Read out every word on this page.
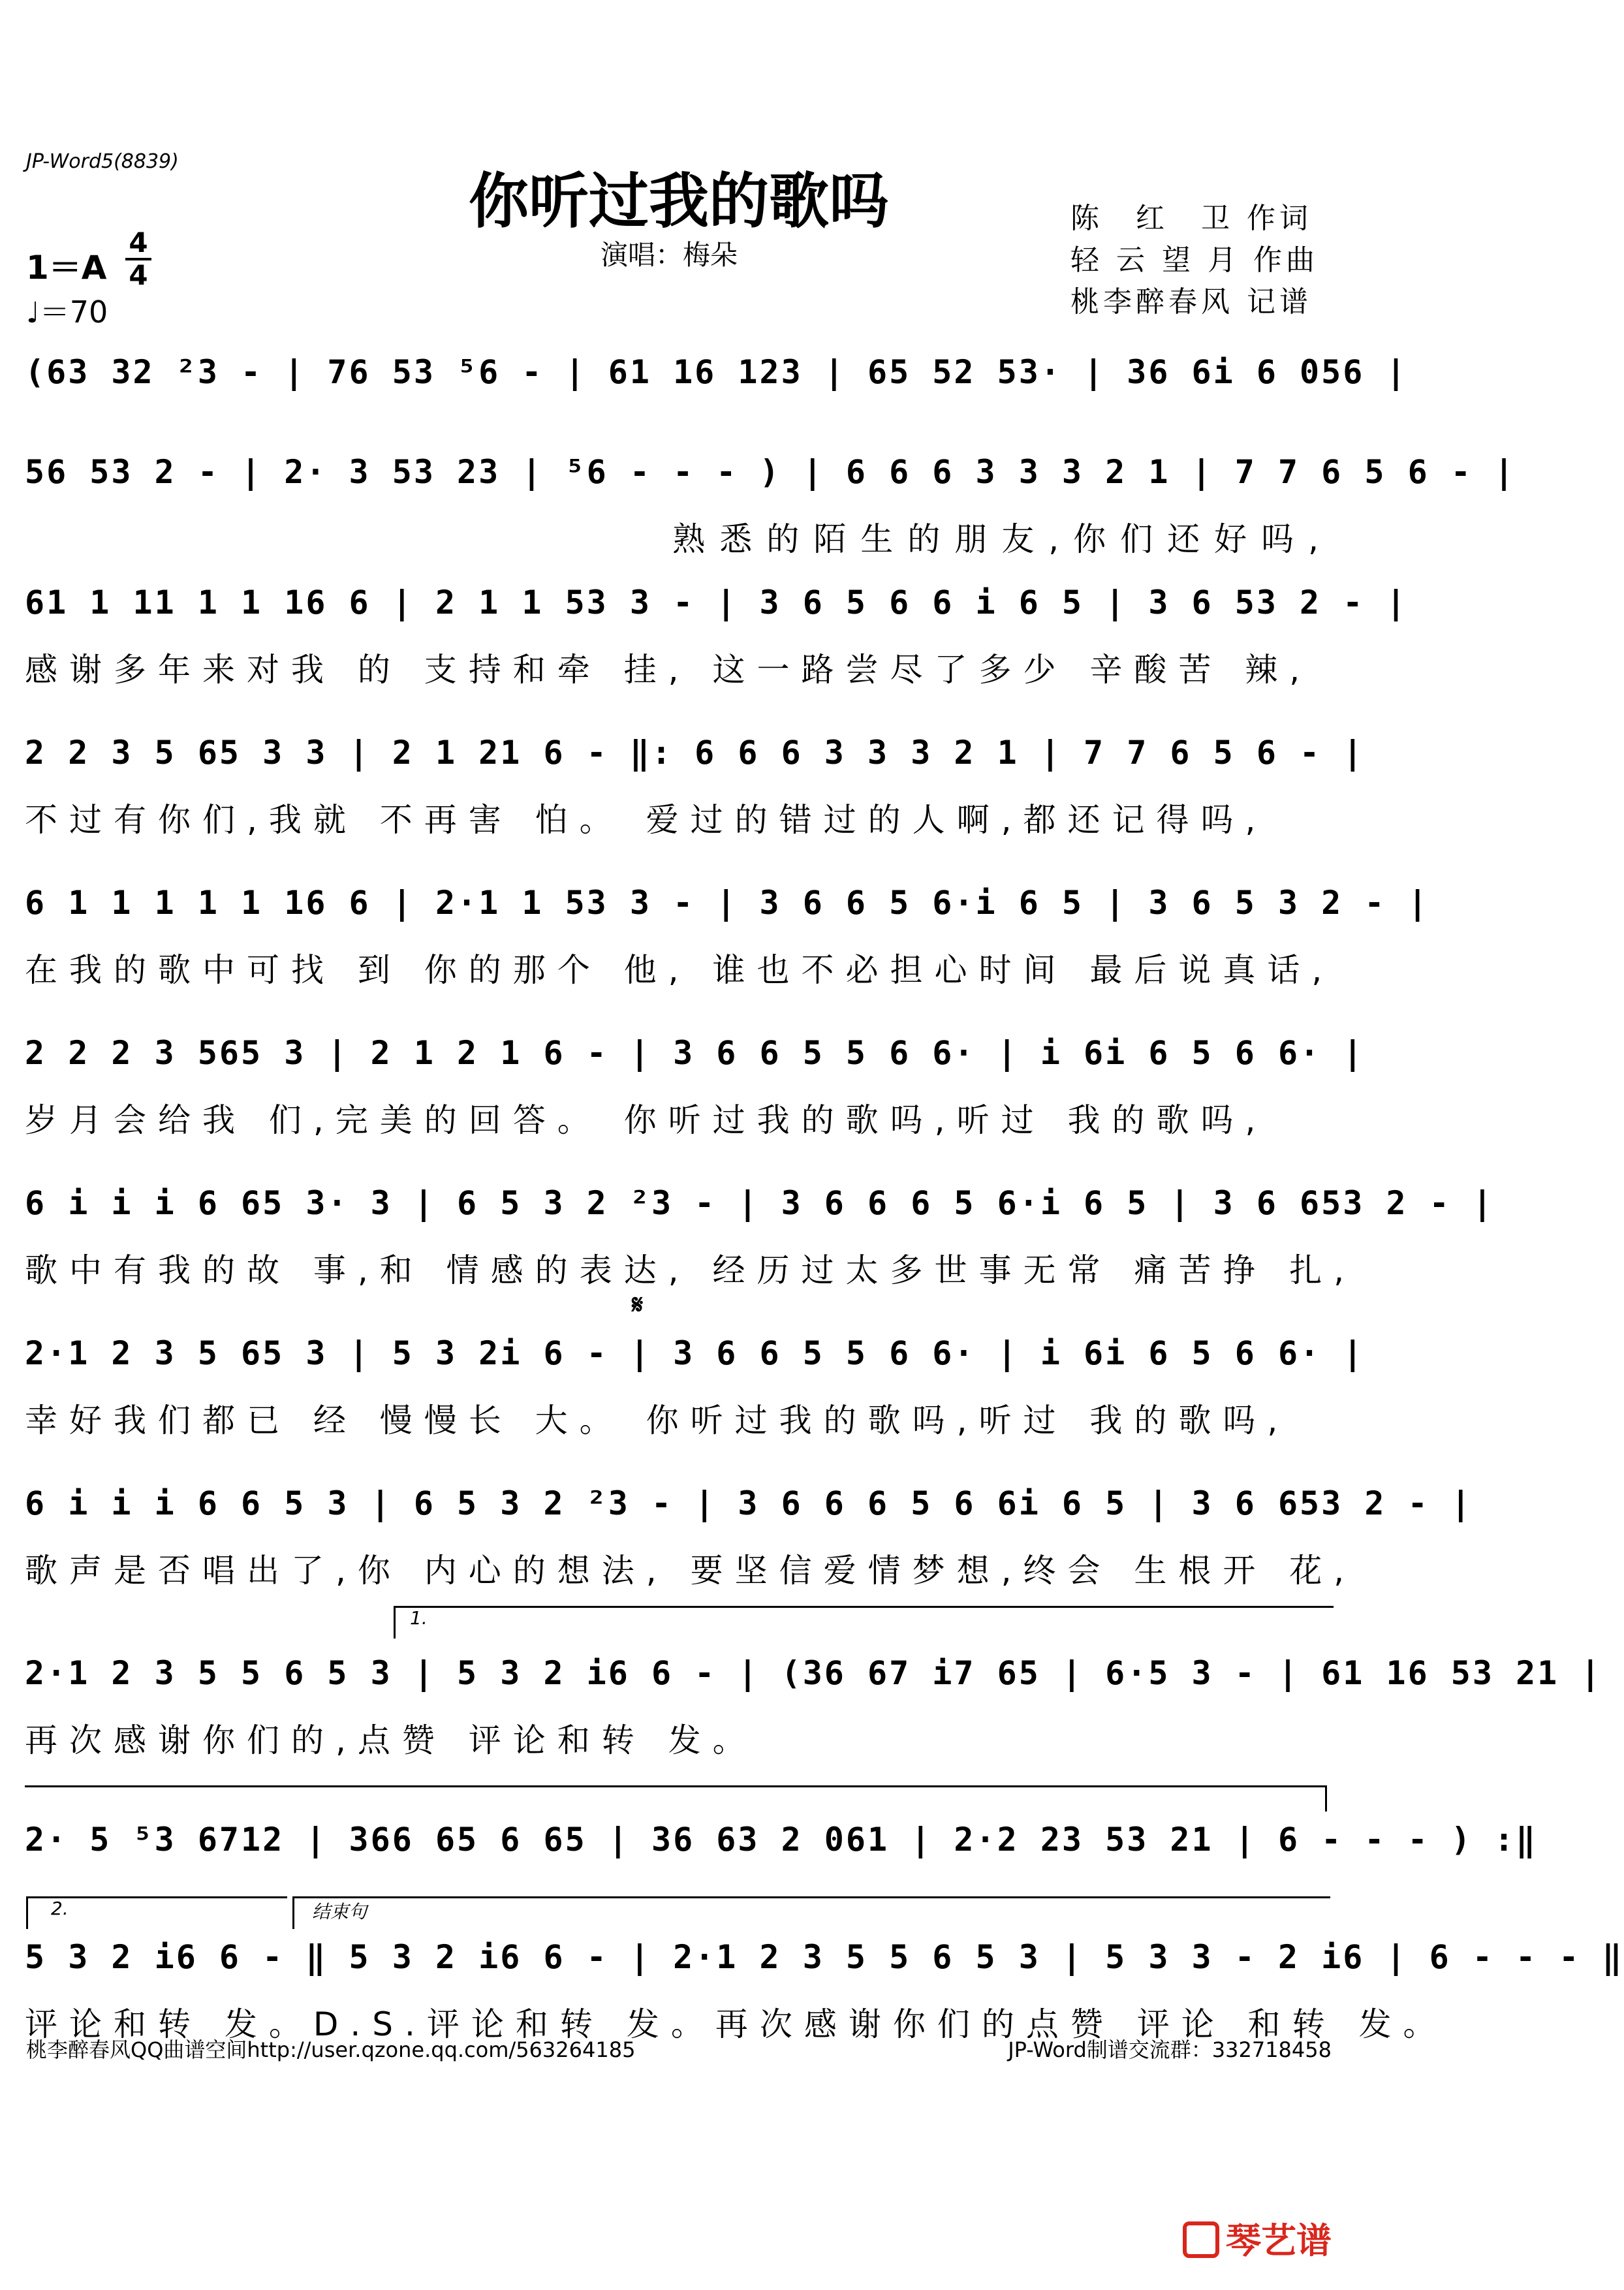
JP-Word5(8839)
你听过我的歌吗
演唱：梅朵
陈　红　卫 作词
轻 云 望 月 作曲
桃李醉春风 记谱
1＝A
4
4
♩＝70
(63 32 ²3 - | 76 53 ⁵6 - | 61 16 123 | 65 52 53· | 36 6i 6 056 |
56 53 2 - | 2· 3 53 23 | ⁵6 - - - ) | 6 6 6 3 3 3 2 1 | 7 7 6 5 6 - |
熟悉的陌生的朋友,你们还好吗,
61 1 11 1 1 16 6 | 2 1 1 53 3 - | 3 6 5 6 6 i 6 5 | 3 6 53 2 - |
感谢多年来对我 的 支持和牵 挂, 这一路尝尽了多少 辛酸苦 辣,
2 2 3 5 65 3 3 | 2 1 21 6 - ‖: 6 6 6 3 3 3 2 1 | 7 7 6 5 6 - |
不过有你们,我就 不再害 怕。 爱过的错过的人啊,都还记得吗,
6 1 1 1 1 1 16 6 | 2·1 1 53 3 - | 3 6 6 5 6·i 6 5 | 3 6 5 3 2 - |
在我的歌中可找 到 你的那个 他, 谁也不必担心时间 最后说真话,
2 2 2 3 565 3 | 2 1 2 1 6 - | 3 6 6 5 5 6 6· | i 6i 6 5 6 6· |
岁月会给我 们,完美的回答。 你听过我的歌吗,听过 我的歌吗,
6 i i i 6 65 3· 3 | 6 5 3 2 ²3 - | 3 6 6 6 5 6·i 6 5 | 3 6 653 2 - |
歌中有我的故 事,和 情感的表达, 经历过太多世事无常 痛苦挣 扎,
𝄋
2·1 2 3 5 65 3 | 5 3 2i 6 - | 3 6 6 5 5 6 6· | i 6i 6 5 6 6· |
幸好我们都已 经 慢慢长 大。 你听过我的歌吗,听过 我的歌吗,
6 i i i 6 6 5 3 | 6 5 3 2 ²3 - | 3 6 6 6 5 6 6i 6 5 | 3 6 653 2 - |
歌声是否唱出了,你 内心的想法, 要坚信爱情梦想,终会 生根开 花,
1.
2·1 2 3 5 5 6 5 3 | 5 3 2 i6 6 - | (36 67 i7 65 | 6·5 3 - | 61 16 53 21 |
再次感谢你们的,点赞 评论和转 发。
2· 5 ⁵3 6712 | 366 65 6 65 | 36 63 2 061 | 2·2 23 53 21 | 6 - - - ) :‖
2.	结束句
5 3 2 i6 6 - ‖ 5 3 2 i6 6 - | 2·1 2 3 5 5 6 5 3 | 5 3 3 - 2 i6 | 6 - - - ‖
评论和转 发。D.S.评论和转 发。再次感谢你们的点赞 评论 和转 发。
桃李醉春风QQ曲谱空间http://user.qzone.qq.com/563264185	JP-Word制谱交流群：332718458
琴艺谱
